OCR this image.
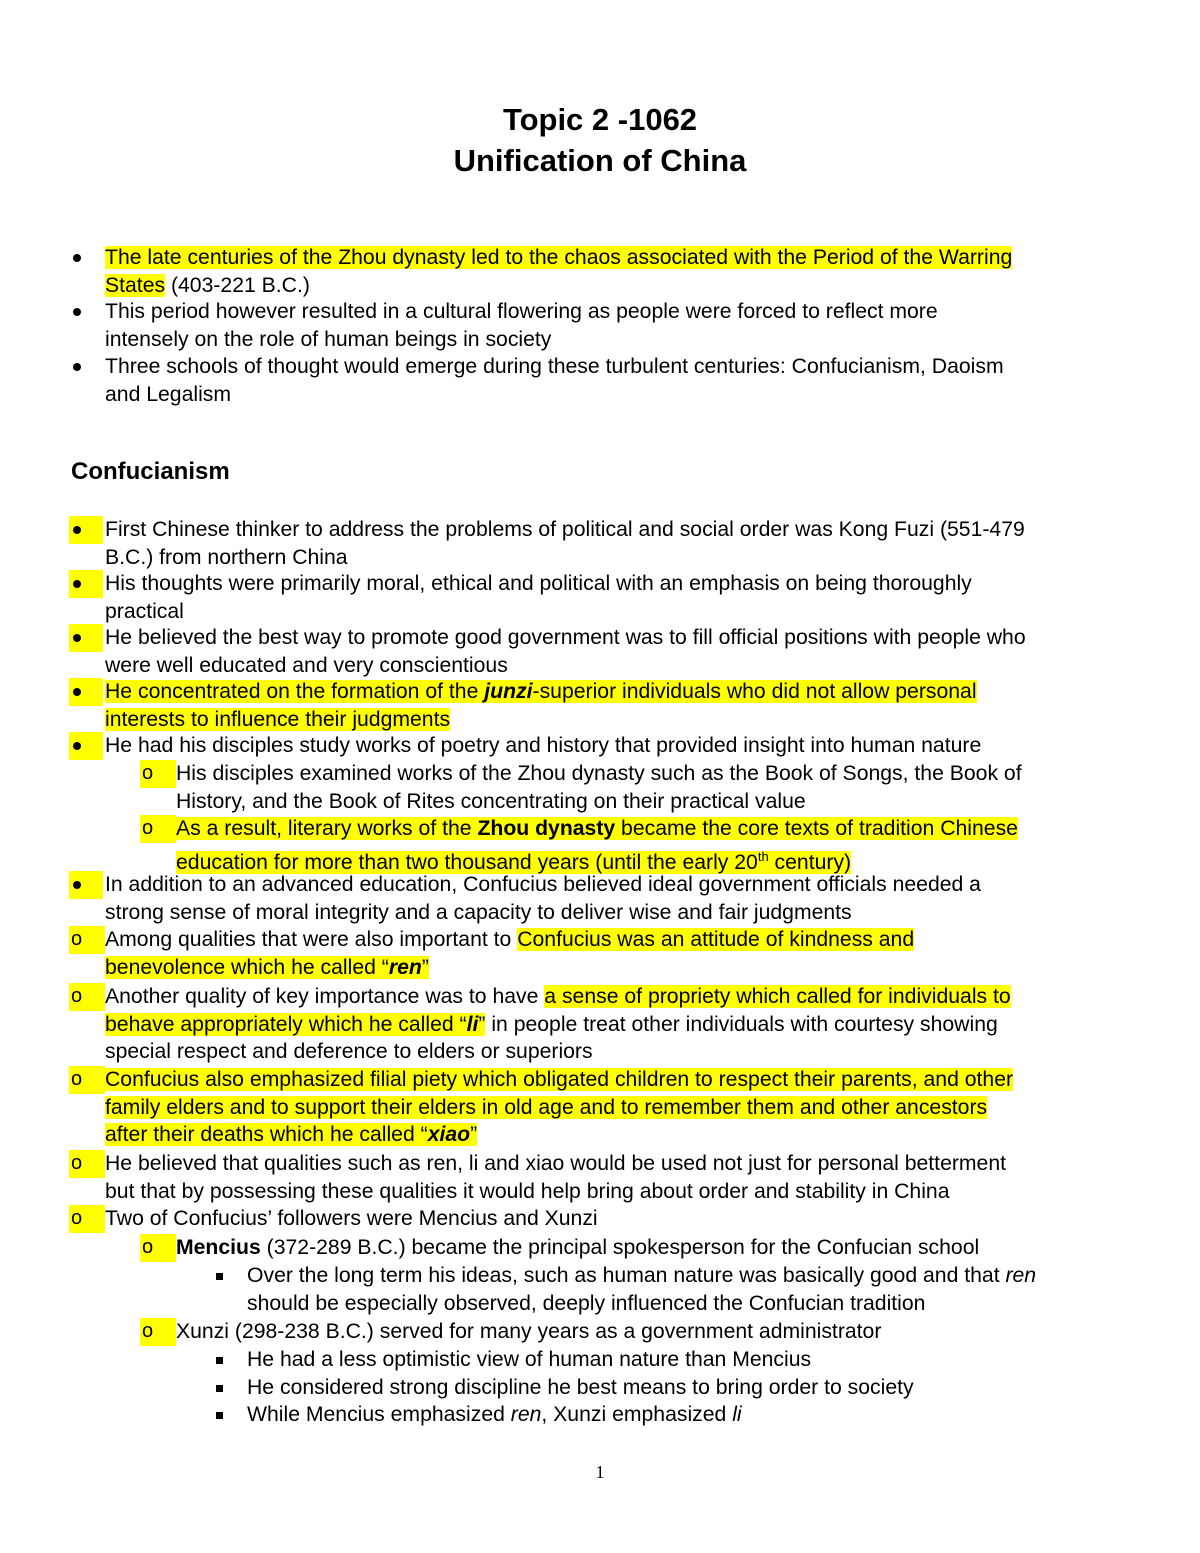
Topic 2 -1062
Unification of China
The late centuries of the Zhou dynasty led to the chaos associated with the Period of the Warring
States (403-221 B.C.)
This period however resulted in a cultural flowering as people were forced to reflect more
intensely on the role of human beings in society
Three schools of thought would emerge during these turbulent centuries: Confucianism, Daoism
and Legalism
Confucianism
First Chinese thinker to address the problems of political and social order was Kong Fuzi (551-479
B.C.) from northern China
His thoughts were primarily moral, ethical and political with an emphasis on being thoroughly
practical
He believed the best way to promote good government was to fill official positions with people who
were well educated and very conscientious
He concentrated on the formation of the junzi-superior individuals who did not allow personal
interests to influence their judgments
He had his disciples study works of poetry and history that provided insight into human nature
o	His disciples examined works of the Zhou dynasty such as the Book of Songs, the Book of
History, and the Book of Rites concentrating on their practical value
o	As a result, literary works of the Zhou dynasty became the core texts of tradition Chinese
education for more than two thousand years (until the early 20th century)
In addition to an advanced education, Confucius believed ideal government officials needed a
strong sense of moral integrity and a capacity to deliver wise and fair judgments
o	Among qualities that were also important to Confucius was an attitude of kindness and
benevolence which he called “ren”
o	Another quality of key importance was to have a sense of propriety which called for individuals to
behave appropriately which he called “li” in people treat other individuals with courtesy showing
special respect and deference to elders or superiors
o	Confucius also emphasized filial piety which obligated children to respect their parents, and other
family elders and to support their elders in old age and to remember them and other ancestors
after their deaths which he called “xiao”
o	He believed that qualities such as ren, li and xiao would be used not just for personal betterment
but that by possessing these qualities it would help bring about order and stability in China
o	Two of Confucius’ followers were Mencius and Xunzi
o	Mencius (372-289 B.C.) became the principal spokesperson for the Confucian school
Over the long term his ideas, such as human nature was basically good and that ren
should be especially observed, deeply influenced the Confucian tradition
o	Xunzi (298-238 B.C.) served for many years as a government administrator
He had a less optimistic view of human nature than Mencius
He considered strong discipline he best means to bring order to society
While Mencius emphasized ren, Xunzi emphasized li
1
